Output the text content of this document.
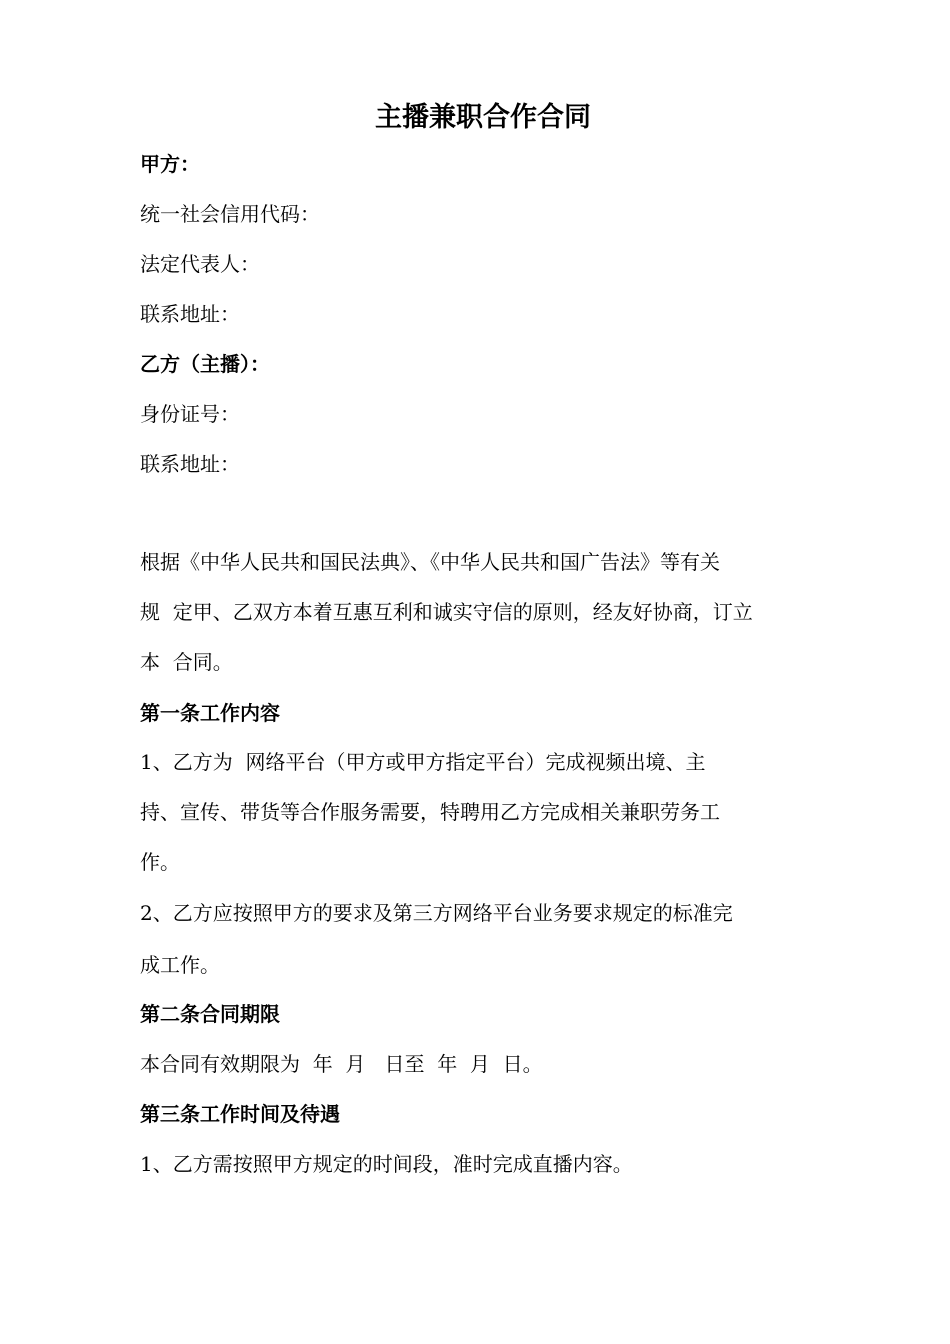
主播兼职合作合同
甲方：
统一社会信用代码：
法定代表人：
联系地址：
乙方（主播）：
身份证号：
联系地址：
根据《中华人民共和国民法典》、《中华人民共和国广告法》等有关
规  定甲、乙双方本着互惠互利和诚实守信的原则，经友好协商，订立
本  合同。
第一条工作内容
1、乙方为  网络平台（甲方或甲方指定平台）完成视频出境、主
持、宣传、带货等合作服务需要，特聘用乙方完成相关兼职劳务工
作。
2、乙方应按照甲方的要求及第三方网络平台业务要求规定的标准完
成工作。
第二条合同期限
本合同有效期限为  年  月   日至  年  月  日。
第三条工作时间及待遇
1、乙方需按照甲方规定的时间段，准时完成直播内容。
